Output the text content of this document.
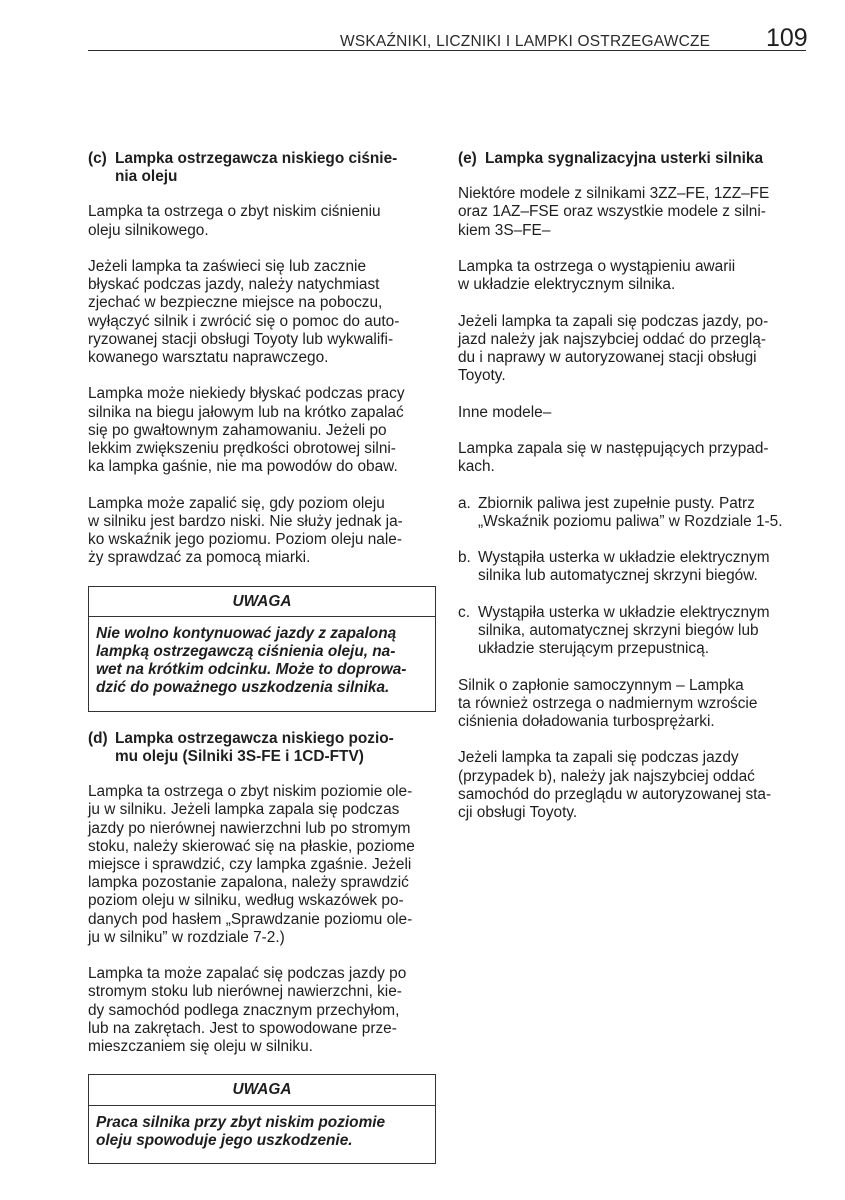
WSKAŹNIKI, LICZNIKI I LAMPKI OSTRZEGAWCZE	109
(c) Lampka ostrzegawcza niskiego ciśnie-
nia oleju

Lampka ta ostrzega o zbyt niskim ciśnieniu
oleju silnikowego.

Jeżeli lampka ta zaświeci się lub zacznie
błyskać podczas jazdy, należy natychmiast
zjechać w bezpieczne miejsce na poboczu,
wyłączyć silnik i zwrócić się o pomoc do auto-
ryzowanej stacji obsługi Toyoty lub wykwalifi-
kowanego warsztatu naprawczego.

Lampka może niekiedy błyskać podczas pracy
silnika na biegu jałowym lub na krótko zapalać
się po gwałtownym zahamowaniu. Jeżeli po
lekkim zwiększeniu prędkości obrotowej silni-
ka lampka gaśnie, nie ma powodów do obaw.

Lampka może zapalić się, gdy poziom oleju
w silniku jest bardzo niski. Nie służy jednak ja-
ko wskaźnik jego poziomu. Poziom oleju nale-
ży sprawdzać za pomocą miarki.

UWAGA
Nie wolno kontynuować jazdy z zapaloną
lampką ostrzegawczą ciśnienia oleju, na-
wet na krótkim odcinku. Może to doprowa-
dzić do poważnego uszkodzenia silnika.
(d) Lampka ostrzegawcza niskiego pozio-
mu oleju (Silniki 3S-FE i 1CD-FTV)

Lampka ta ostrzega o zbyt niskim poziomie ole-
ju w silniku. Jeżeli lampka zapala się podczas
jazdy po nierównej nawierzchni lub po stromym
stoku, należy skierować się na płaskie, poziome
miejsce i sprawdzić, czy lampka zgaśnie. Jeżeli
lampka pozostanie zapalona, należy sprawdzić
poziom oleju w silniku, według wskazówek po-
danych pod hasłem „Sprawdzanie poziomu ole-
ju w silniku” w rozdziale 7-2.)

Lampka ta może zapalać się podczas jazdy po
stromym stoku lub nierównej nawierzchni, kie-
dy samochód podlega znacznym przechyłom,
lub na zakrętach. Jest to spowodowane prze-
mieszczaniem się oleju w silniku.

UWAGA
Praca silnika przy zbyt niskim poziomie
oleju spowoduje jego uszkodzenie.
(e) Lampka sygnalizacyjna usterki silnika

Niektóre modele z silnikami 3ZZ–FE, 1ZZ–FE
oraz 1AZ–FSE oraz wszystkie modele z silni-
kiem 3S–FE–

Lampka ta ostrzega o wystąpieniu awarii
w układzie elektrycznym silnika.

Jeżeli lampka ta zapali się podczas jazdy, po-
jazd należy jak najszybciej oddać do przeglą-
du i naprawy w autoryzowanej stacji obsługi
Toyoty.

Inne modele–

Lampka zapala się w następujących przypad-
kach.

a. Zbiornik paliwa jest zupełnie pusty. Patrz
„Wskaźnik poziomu paliwa” w Rozdziale 1-5.
b. Wystąpiła usterka w układzie elektrycznym
silnika lub automatycznej skrzyni biegów.
c. Wystąpiła usterka w układzie elektrycznym
silnika, automatycznej skrzyni biegów lub
układzie sterującym przepustnicą.

Silnik o zapłonie samoczynnym – Lampka
ta również ostrzega o nadmiernym wzroście
ciśnienia doładowania turbosprężarki.

Jeżeli lampka ta zapali się podczas jazdy
(przypadek b), należy jak najszybciej oddać
samochód do przeglądu w autoryzowanej sta-
cji obsługi Toyoty.
